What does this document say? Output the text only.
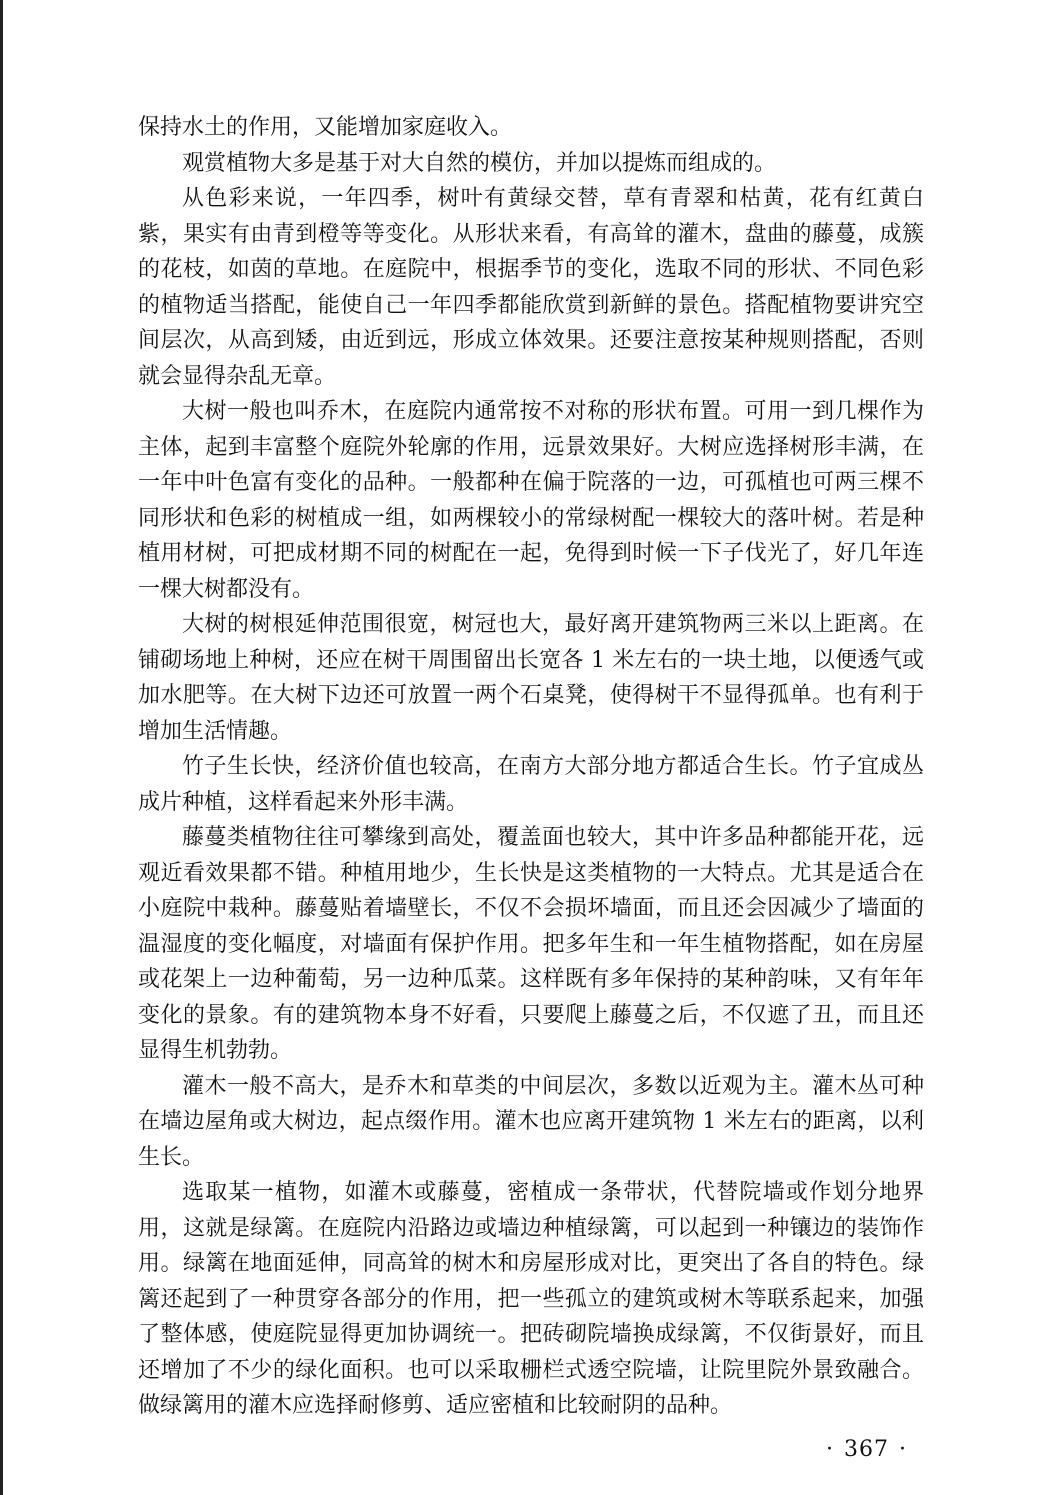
保持水土的作用，又能增加家庭收入。

观赏植物大多是基于对大自然的模仿，并加以提炼而组成的。

从色彩来说，一年四季，树叶有黄绿交替，草有青翠和枯黄，花有红黄白紫，果实有由青到橙等等变化。从形状来看，有高耸的灌木，盘曲的藤蔓，成簇的花枝，如茵的草地。在庭院中，根据季节的变化，选取不同的形状、不同色彩的植物适当搭配，能使自己一年四季都能欣赏到新鲜的景色。搭配植物要讲究空间层次，从高到矮，由近到远，形成立体效果。还要注意按某种规则搭配，否则就会显得杂乱无章。

大树一般也叫乔木，在庭院内通常按不对称的形状布置。可用一到几棵作为主体，起到丰富整个庭院外轮廓的作用，远景效果好。大树应选择树形丰满，在一年中叶色富有变化的品种。一般都种在偏于院落的一边，可孤植也可两三棵不同形状和色彩的树植成一组，如两棵较小的常绿树配一棵较大的落叶树。若是种植用材树，可把成材期不同的树配在一起，免得到时候一下子伐光了，好几年连一棵大树都没有。

大树的树根延伸范围很宽，树冠也大，最好离开建筑物两三米以上距离。在铺砌场地上种树，还应在树干周围留出长宽各 1 米左右的一块土地，以便透气或加水肥等。在大树下边还可放置一两个石桌凳，使得树干不显得孤单。也有利于增加生活情趣。

竹子生长快，经济价值也较高，在南方大部分地方都适合生长。竹子宜成丛成片种植，这样看起来外形丰满。

藤蔓类植物往往可攀缘到高处，覆盖面也较大，其中许多品种都能开花，远观近看效果都不错。种植用地少，生长快是这类植物的一大特点。尤其是适合在小庭院中栽种。藤蔓贴着墙壁长，不仅不会损坏墙面，而且还会因减少了墙面的温湿度的变化幅度，对墙面有保护作用。把多年生和一年生植物搭配，如在房屋或花架上一边种葡萄，另一边种瓜菜。这样既有多年保持的某种韵味，又有年年变化的景象。有的建筑物本身不好看，只要爬上藤蔓之后，不仅遮了丑，而且还显得生机勃勃。

灌木一般不高大，是乔木和草类的中间层次，多数以近观为主。灌木丛可种在墙边屋角或大树边，起点缀作用。灌木也应离开建筑物 1 米左右的距离，以利生长。

选取某一植物，如灌木或藤蔓，密植成一条带状，代替院墙或作划分地界用，这就是绿篱。在庭院内沿路边或墙边种植绿篱，可以起到一种镶边的装饰作用。绿篱在地面延伸，同高耸的树木和房屋形成对比，更突出了各自的特色。绿篱还起到了一种贯穿各部分的作用，把一些孤立的建筑或树木等联系起来，加强了整体感，使庭院显得更加协调统一。把砖砌院墙换成绿篱，不仅街景好，而且还增加了不少的绿化面积。也可以采取栅栏式透空院墙，让院里院外景致融合。做绿篱用的灌木应选择耐修剪、适应密植和比较耐阴的品种。

· 367 ·
